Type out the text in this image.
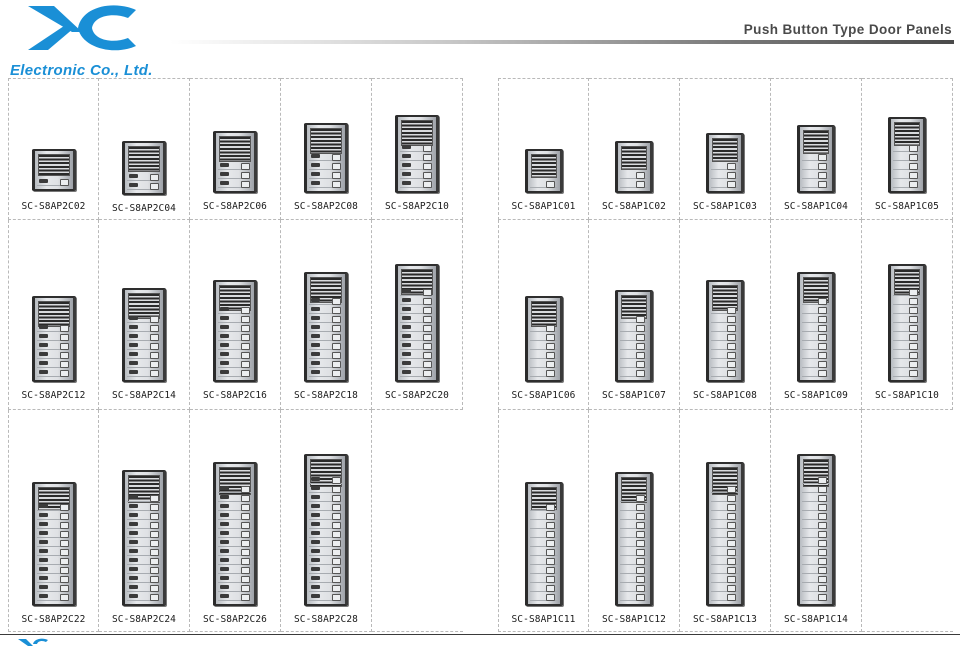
Electronic Co., Ltd.

Push Button Type Door Panels

SC-S8AP2C02	SC-S8AP2C04	SC-S8AP2C06	SC-S8AP2C08	SC-S8AP2C10

SC-S8AP2C12	SC-S8AP2C14	SC-S8AP2C16	SC-S8AP2C18	SC-S8AP2C20

SC-S8AP2C22	SC-S8AP2C24	SC-S8AP2C26	SC-S8AP2C28

SC-S8AP1C01	SC-S8AP1C02	SC-S8AP1C03	SC-S8AP1C04	SC-S8AP1C05

SC-S8AP1C06	SC-S8AP1C07	SC-S8AP1C08	SC-S8AP1C09	SC-S8AP1C10

SC-S8AP1C11	SC-S8AP1C12	SC-S8AP1C13	SC-S8AP1C14
